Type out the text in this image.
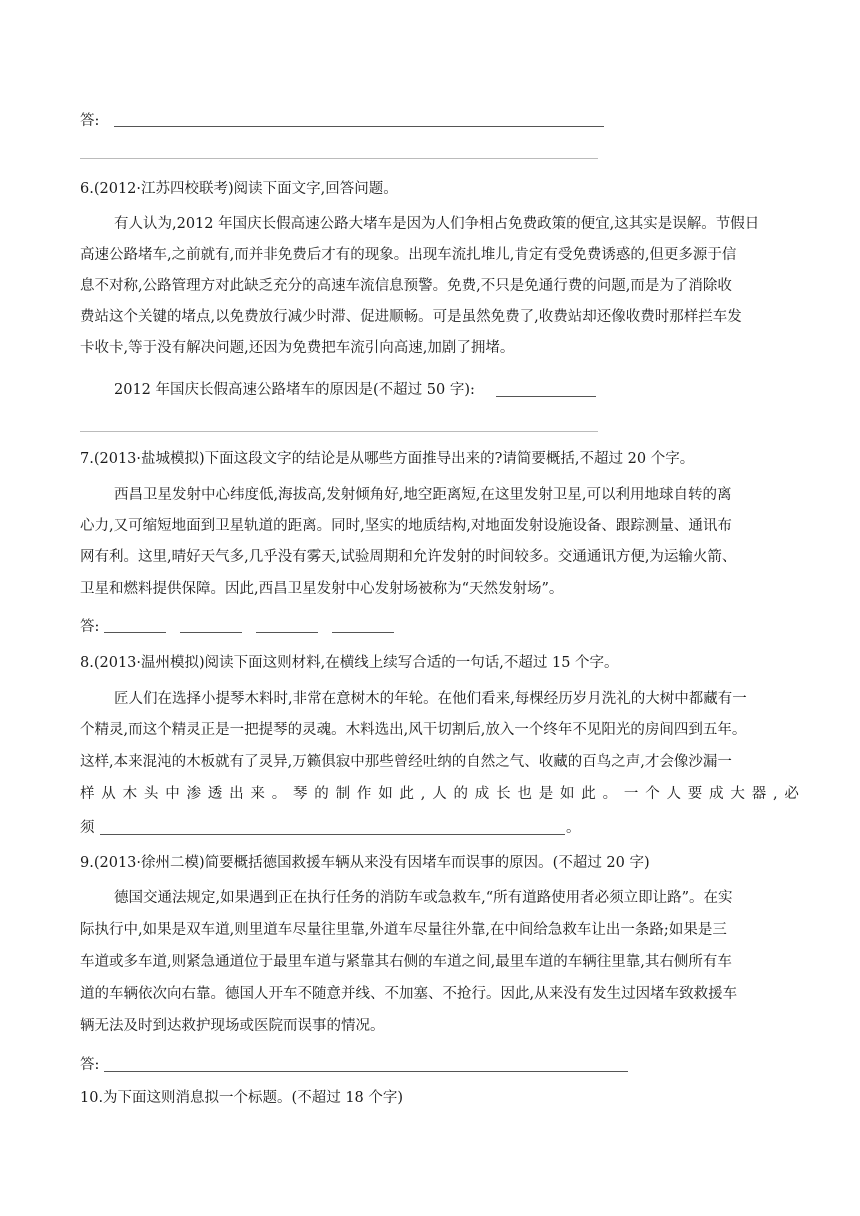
答:
6.(2012·江苏四校联考)阅读下面文字,回答问题。
有人认为,2012 年国庆长假高速公路大堵车是因为人们争相占免费政策的便宜,这其实是误解。节假日
高速公路堵车,之前就有,而并非免费后才有的现象。出现车流扎堆儿,肯定有受免费诱惑的,但更多源于信
息不对称,公路管理方对此缺乏充分的高速车流信息预警。免费,不只是免通行费的问题,而是为了消除收
费站这个关键的堵点,以免费放行减少时滞、促进顺畅。可是虽然免费了,收费站却还像收费时那样拦车发
卡收卡,等于没有解决问题,还因为免费把车流引向高速,加剧了拥堵。
2012 年国庆长假高速公路堵车的原因是(不超过 50 字):
7.(2013·盐城模拟)下面这段文字的结论是从哪些方面推导出来的?请简要概括,不超过 20 个字。
西昌卫星发射中心纬度低,海拔高,发射倾角好,地空距离短,在这里发射卫星,可以利用地球自转的离
心力,又可缩短地面到卫星轨道的距离。同时,坚实的地质结构,对地面发射设施设备、跟踪测量、通讯布
网有利。这里,晴好天气多,几乎没有雾天,试验周期和允许发射的时间较多。交通通讯方便,为运输火箭、
卫星和燃料提供保障。因此,西昌卫星发射中心发射场被称为“天然发射场”。
答:
8.(2013·温州模拟)阅读下面这则材料,在横线上续写合适的一句话,不超过 15 个字。
匠人们在选择小提琴木料时,非常在意树木的年轮。在他们看来,每棵经历岁月洗礼的大树中都藏有一
个精灵,而这个精灵正是一把提琴的灵魂。木料选出,风干切割后,放入一个终年不见阳光的房间四到五年。
这样,本来混沌的木板就有了灵异,万籁俱寂中那些曾经吐纳的自然之气、收藏的百鸟之声,才会像沙漏一
样从木头中渗透出来。琴的制作如此,人的成长也是如此。一个人要成大器,必
须	。
9.(2013·徐州二模)简要概括德国救援车辆从来没有因堵车而误事的原因。(不超过 20 字)
德国交通法规定,如果遇到正在执行任务的消防车或急救车,“所有道路使用者必须立即让路”。在实
际执行中,如果是双车道,则里道车尽量往里靠,外道车尽量往外靠,在中间给急救车让出一条路;如果是三
车道或多车道,则紧急通道位于最里车道与紧靠其右侧的车道之间,最里车道的车辆往里靠,其右侧所有车
道的车辆依次向右靠。德国人开车不随意并线、不加塞、不抢行。因此,从来没有发生过因堵车致救援车
辆无法及时到达救护现场或医院而误事的情况。
答:
10.为下面这则消息拟一个标题。(不超过 18 个字)
